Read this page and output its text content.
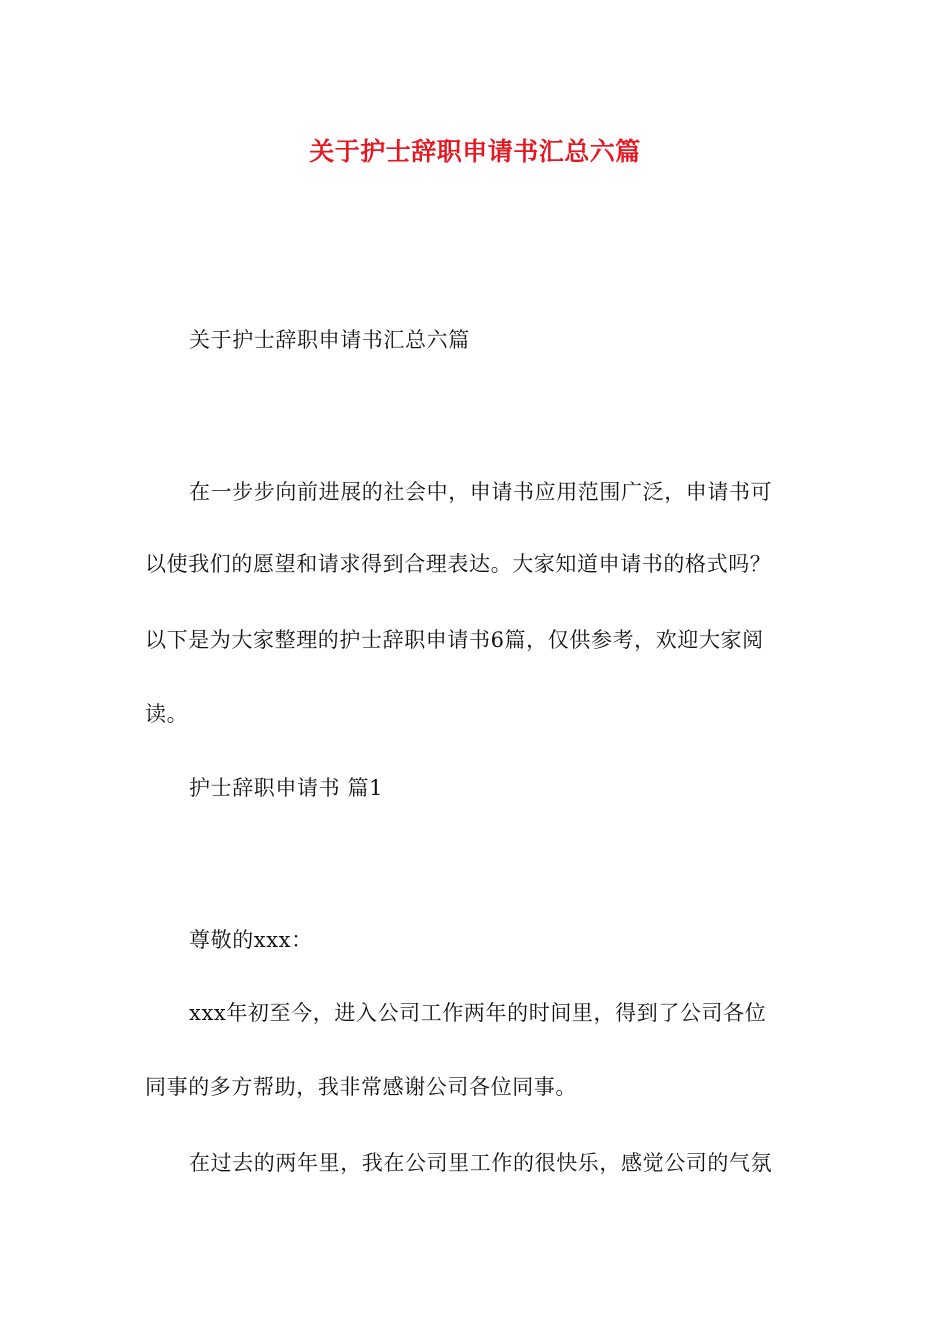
关于护士辞职申请书汇总六篇
关于护士辞职申请书汇总六篇
在一步步向前进展的社会中，申请书应用范围广泛，申请书可
以使我们的愿望和请求得到合理表达。大家知道申请书的格式吗？
以下是为大家整理的护士辞职申请书6篇，仅供参考，欢迎大家阅
读。
护士辞职申请书 篇1
尊敬的xxx：
xxx年初至今，进入公司工作两年的时间里，得到了公司各位
同事的多方帮助，我非常感谢公司各位同事。
在过去的两年里，我在公司里工作的很快乐，感觉公司的气氛
